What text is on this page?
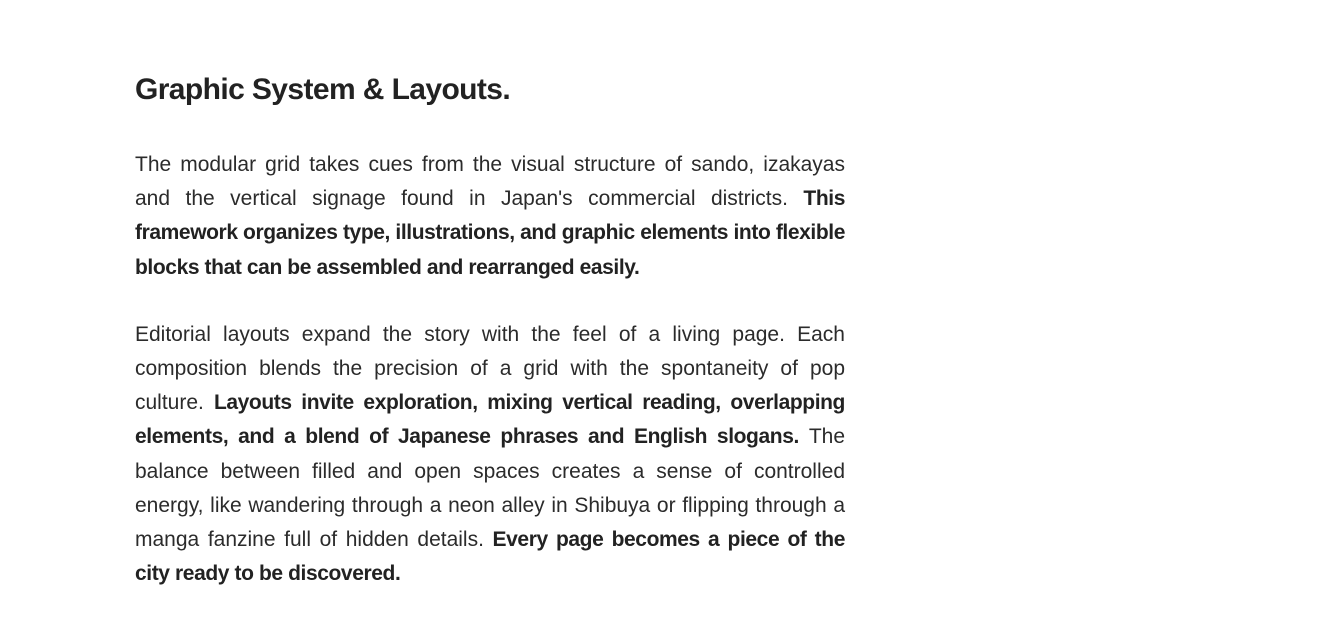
Graphic System & Layouts.

The modular grid takes cues from the visual structure of sando, izakayas and the vertical signage found in Japan's commercial districts. This framework organizes type, illustrations, and graphic elements into flexible blocks that can be assembled and rearranged easily.

Editorial layouts expand the story with the feel of a living page. Each composition blends the precision of a grid with the spontaneity of pop culture. Layouts invite exploration, mixing vertical reading, overlapping elements, and a blend of Japanese phrases and English slogans. The balance between filled and open spaces creates a sense of controlled energy, like wandering through a neon alley in Shibuya or flipping through a manga fanzine full of hidden details. Every page becomes a piece of the city ready to be discovered.
